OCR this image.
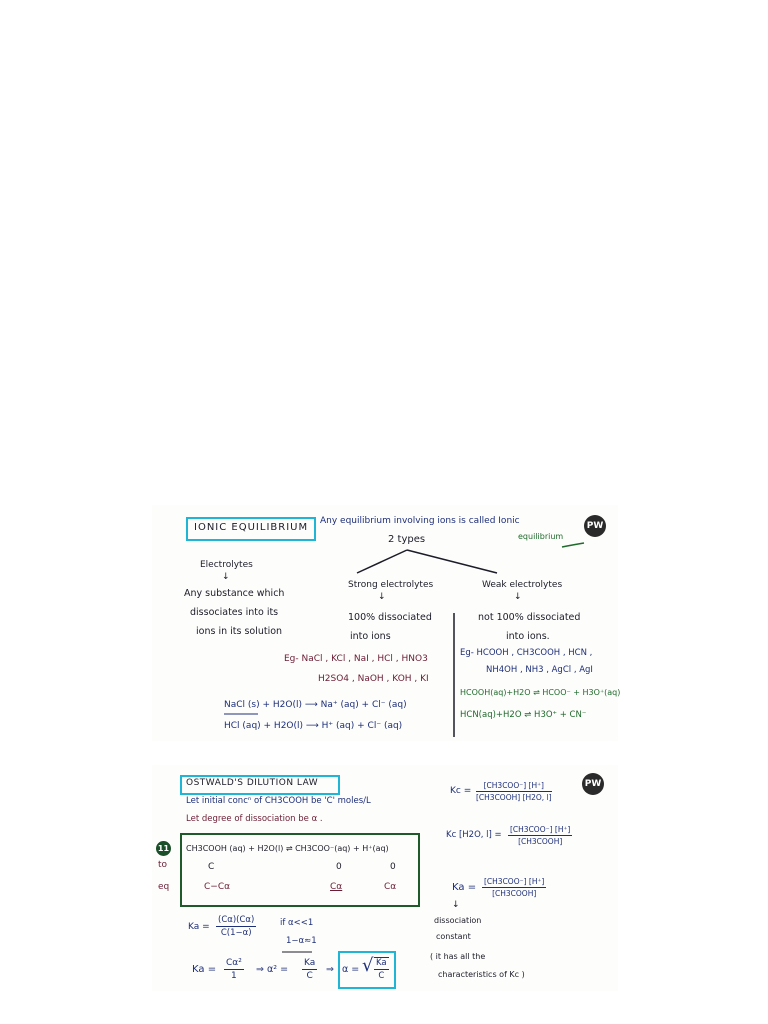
IONIC EQUILIBRIUM
Any equilibrium involving ions is called Ionic
equilibrium
PW
2 types
Electrolytes
↓
Any substance which
dissociates into its
ions in its solution
Strong electrolytes
↓
100% dissociated
into ions
Eg- NaCl , KCl , NaI , HCl , HNO3
H2SO4 , NaOH , KOH , KI
NaCl (s) + H2O(l) ⟶ Na⁺ (aq) + Cl⁻ (aq)
HCl (aq) + H2O(l) ⟶ H⁺ (aq) + Cl⁻ (aq)
Weak electrolytes
↓
not 100% dissociated
into ions.
Eg- HCOOH , CH3COOH , HCN ,
NH4OH , NH3 , AgCl , AgI
HCOOH(aq)+H2O ⇌ HCOO⁻ + H3O⁺(aq)
HCN(aq)+H2O ⇌ H3O⁺ + CN⁻
OSTWALD'S DILUTION LAW	PW
Let initial concⁿ of CH3COOH be 'C' moles/L
Let degree of dissociation be α .
11
to
eq
CH3COOH (aq) + H2O(l) ⇌ CH3COO⁻(aq) + H⁺(aq)
C	0	0
C−Cα	Cα	Cα
$Ka = \frac{(C\alpha)(C\alpha)}{C(1-\alpha)}$	if α<<1
1−α≈1
$Ka = \frac{\text{Cα²}}{1}$ ⇒ $\alpha^2 = \frac{Ka}{C}$ ⇒ α = √ $\frac{Ka}{C}$
Kc =
[CH3COO⁻] [H⁺]
[CH3COOH] [H2O, l]
Kc [H2O, l] =
[CH3COO⁻] [H⁺]
[CH3COOH]
Ka =
[CH3COO⁻] [H⁺]
[CH3COOH]
↓
dissociation
constant
( it has all the
characteristics of Kc )
